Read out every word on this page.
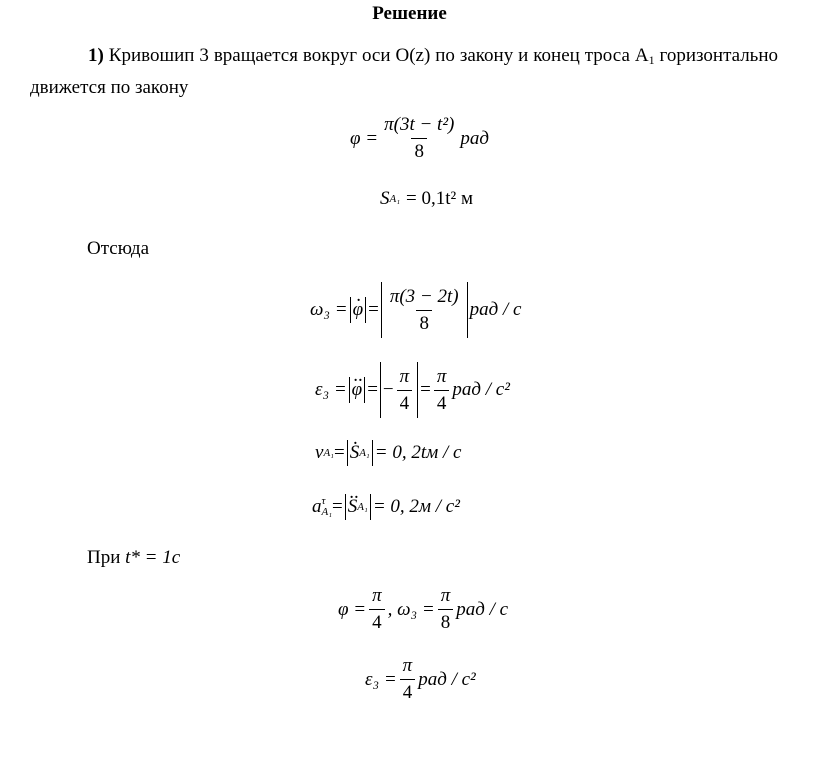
Решение
1) Кривошип 3 вращается вокруг оси O(z) по закону и конец троса $A_1$ горизонтально движется по закону
$\varphi = \frac{\text{π(3t − t²)}}{8}$ рад
S A₁ = 0,1t² м
Отсюда
ω₃ = . $\varphi = \frac{\pi(3 - 2t)}{8}$ рад / с
ε₃ = .. φ = − $\frac{\pi}{4} = \frac{\pi}{4}$ рад / с²
v A₁ = . S A₁ = 0, 2tм / с
a τ
A₁ = .. S A₁ = 0, 2м / с²
При t* = 1с
$\varphi = \frac{\pi}{4}$ , $\omega_3 = \frac{\pi}{8}$ рад / с
$\varepsilon_3 = \frac{\pi}{4}$ рад / с²
